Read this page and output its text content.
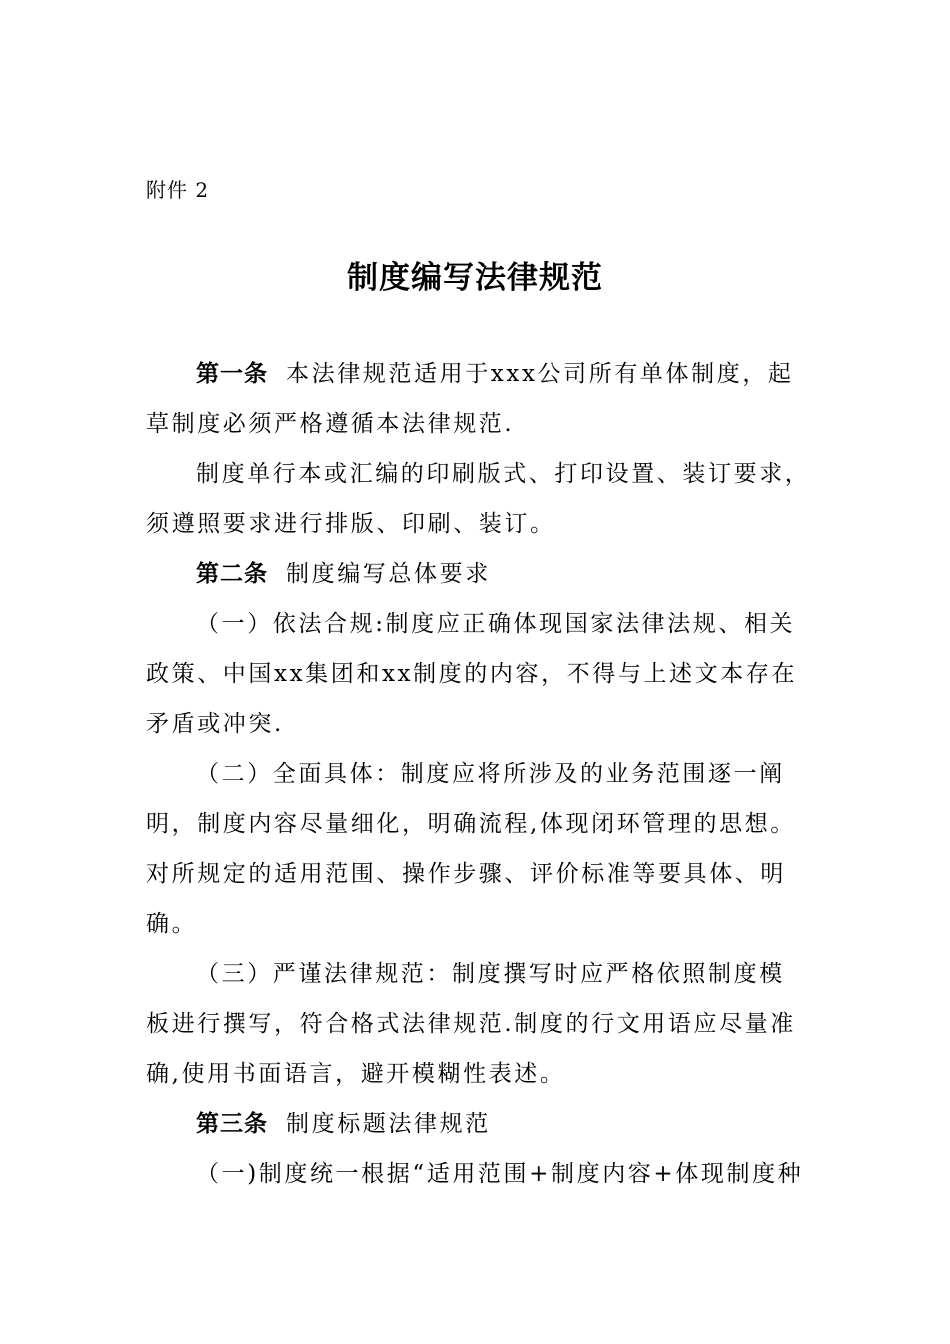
附件 2
制度编写法律规范
第一条 本法律规范适用于xxx公司所有单体制度，起
草制度必须严格遵循本法律规范.
制度单行本或汇编的印刷版式、打印设置、装订要求，
须遵照要求进行排版、印刷、装订。
第二条 制度编写总体要求
（一）依法合规:制度应正确体现国家法律法规、相关
政策、中国xx集团和xx制度的内容，不得与上述文本存在
矛盾或冲突.
（二）全面具体：制度应将所涉及的业务范围逐一阐
明，制度内容尽量细化，明确流程,体现闭环管理的思想。
对所规定的适用范围、操作步骤、评价标准等要具体、明
确。
（三）严谨法律规范：制度撰写时应严格依照制度模
板进行撰写，符合格式法律规范.制度的行文用语应尽量准
确,使用书面语言，避开模糊性表述。
第三条 制度标题法律规范
（一)制度统一根据“适用范围+制度内容+体现制度种
